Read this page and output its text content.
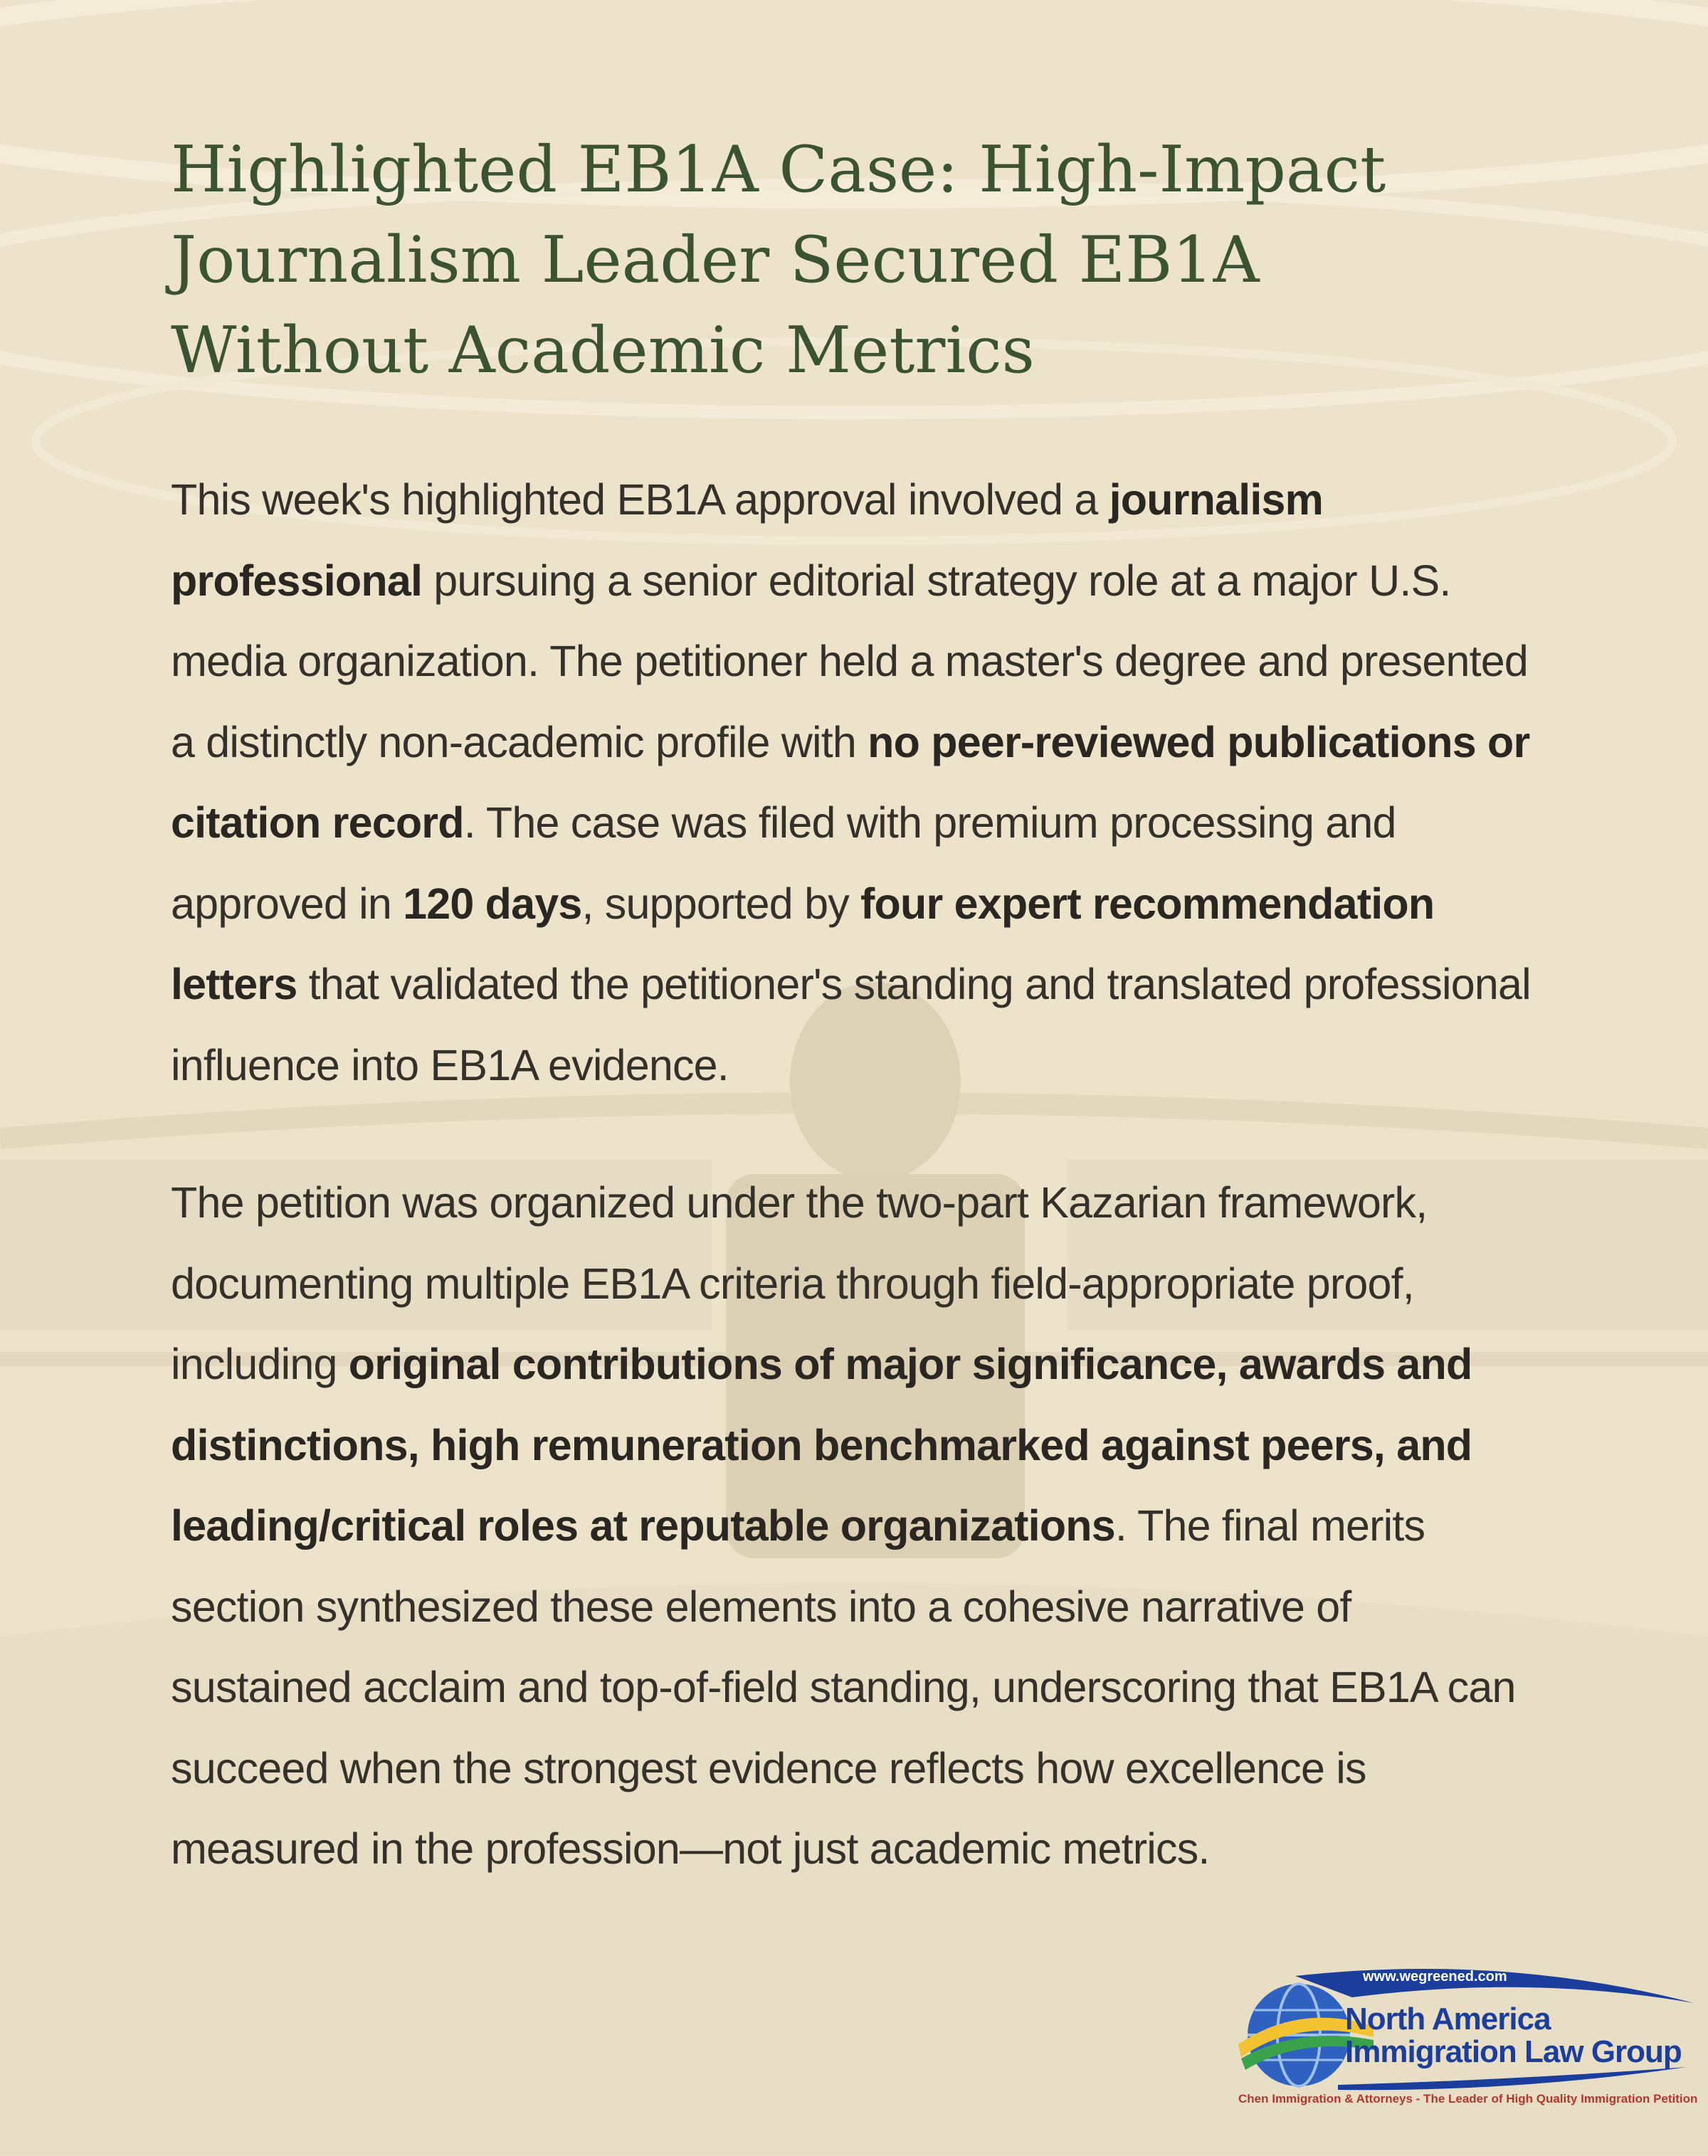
Highlighted EB1A Case: High-Impact Journalism Leader Secured EB1A Without Academic Metrics

This week's highlighted EB1A approval involved a journalism professional pursuing a senior editorial strategy role at a major U.S. media organization. The petitioner held a master's degree and presented a distinctly non-academic profile with no peer-reviewed publications or citation record. The case was filed with premium processing and approved in 120 days, supported by four expert recommendation letters that validated the petitioner's standing and translated professional influence into EB1A evidence.

The petition was organized under the two-part Kazarian framework, documenting multiple EB1A criteria through field-appropriate proof, including original contributions of major significance, awards and distinctions, high remuneration benchmarked against peers, and leading/critical roles at reputable organizations. The final merits section synthesized these elements into a cohesive narrative of sustained acclaim and top-of-field standing, underscoring that EB1A can succeed when the strongest evidence reflects how excellence is measured in the profession—not just academic metrics.

www.wegreened.com
North America
Immigration Law Group
Chen Immigration & Attorneys - The Leader of High Quality Immigration Petition
